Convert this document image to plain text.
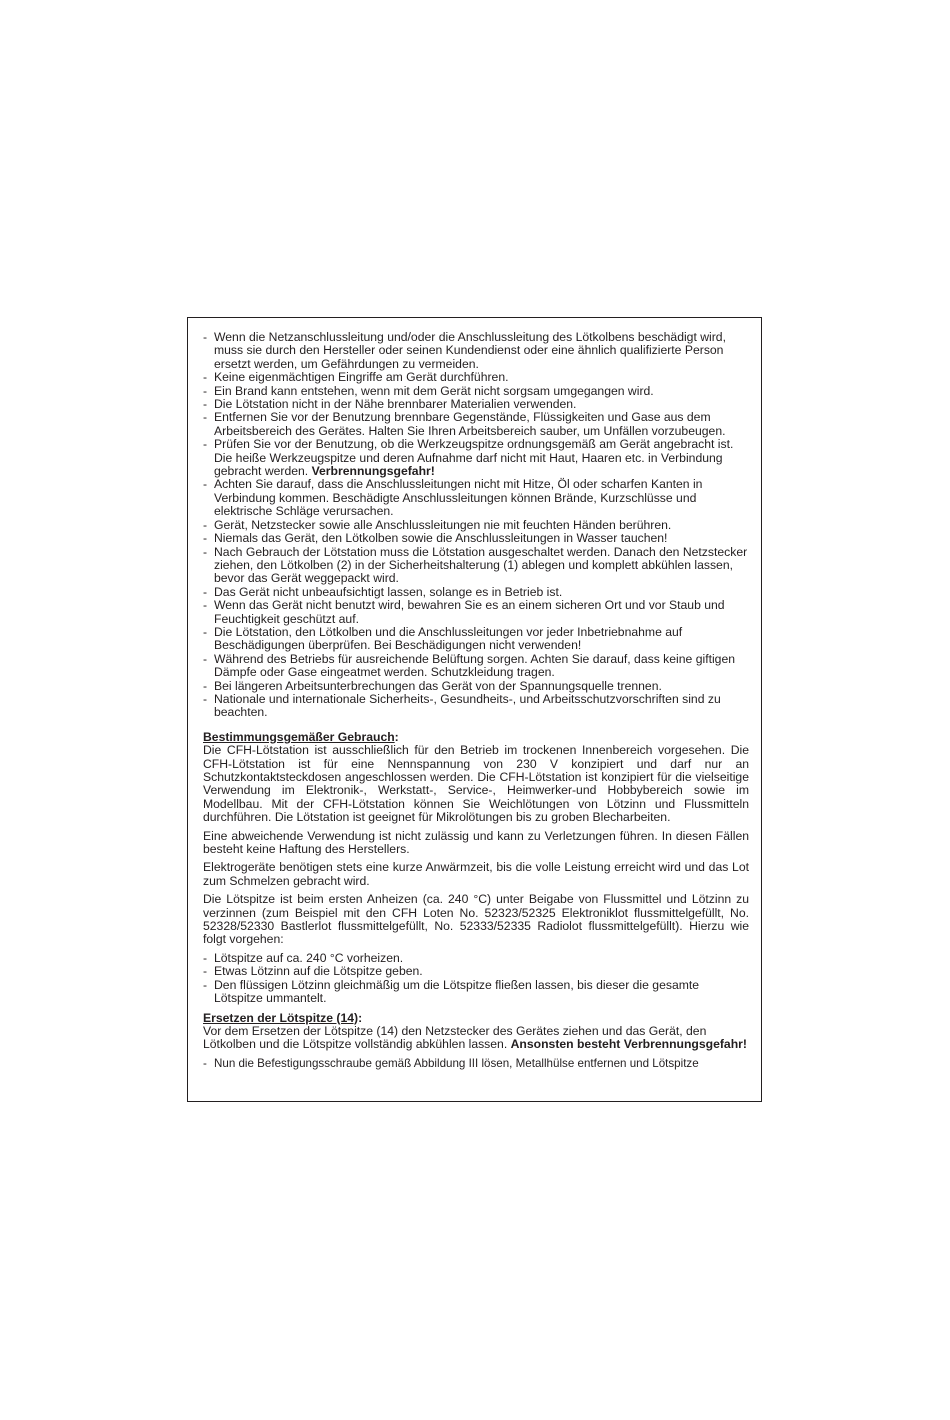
- Wenn die Netzanschlussleitung und/oder die Anschlussleitung des Lötkolbens beschädigt wird, muss sie durch den Hersteller oder seinen Kundendienst oder eine ähnlich qualifizierte Person ersetzt werden, um Gefährdungen zu vermeiden.
- Keine eigenmächtigen Eingriffe am Gerät durchführen.
- Ein Brand kann entstehen, wenn mit dem Gerät nicht sorgsam umgegangen wird.
- Die Lötstation nicht in der Nähe brennbarer Materialien verwenden.
- Entfernen Sie vor der Benutzung brennbare Gegenstände, Flüssigkeiten und Gase aus dem Arbeitsbereich des Gerätes. Halten Sie Ihren Arbeitsbereich sauber, um Unfällen vorzubeugen.
- Prüfen Sie vor der Benutzung, ob die Werkzeugspitze ordnungsgemäß am Gerät angebracht ist. Die heiße Werkzeugspitze und deren Aufnahme darf nicht mit Haut, Haaren etc. in Verbindung gebracht werden. Verbrennungsgefahr!
- Achten Sie darauf, dass die Anschlussleitungen nicht mit Hitze, Öl oder scharfen Kanten in Verbindung kommen. Beschädigte Anschlussleitungen können Brände, Kurzschlüsse und elektrische Schläge verursachen.
- Gerät, Netzstecker sowie alle Anschlussleitungen nie mit feuchten Händen berühren.
- Niemals das Gerät, den Lötkolben sowie die Anschlussleitungen in Wasser tauchen!
- Nach Gebrauch der Lötstation muss die Lötstation ausgeschaltet werden. Danach den Netzstecker ziehen, den Lötkolben (2) in der Sicherheitshalterung (1) ablegen und komplett abkühlen lassen, bevor das Gerät weggepackt wird.
- Das Gerät nicht unbeaufsichtigt lassen, solange es in Betrieb ist.
- Wenn das Gerät nicht benutzt wird, bewahren Sie es an einem sicheren Ort und vor Staub und Feuchtigkeit geschützt auf.
- Die Lötstation, den Lötkolben und die Anschlussleitungen vor jeder Inbetriebnahme auf Beschädigungen überprüfen. Bei Beschädigungen nicht verwenden!
- Während des Betriebs für ausreichende Belüftung sorgen. Achten Sie darauf, dass keine giftigen Dämpfe oder Gase eingeatmet werden. Schutzkleidung tragen.
- Bei längeren Arbeitsunterbrechungen das Gerät von der Spannungsquelle trennen.
- Nationale und internationale Sicherheits-, Gesundheits-, und Arbeitsschutzvorschriften sind zu beachten.
Bestimmungsgemäßer Gebrauch:

Die CFH-Lötstation ist ausschließlich für den Betrieb im trockenen Innenbereich vorgesehen. Die CFH-Lötstation ist für eine Nennspannung von 230 V konzipiert und darf nur an Schutzkontaktsteckdosen angeschlossen werden. Die CFH-Lötstation ist konzipiert für die vielseitige Verwendung im Elektronik-, Werkstatt-, Service-, Heimwerker-und Hobbybereich sowie im Modellbau. Mit der CFH-Lötstation können Sie Weichlötungen von Lötzinn und Flussmitteln durchführen. Die Lötstation ist geeignet für Mikrolötungen bis zu groben Blecharbeiten.

Eine abweichende Verwendung ist nicht zulässig und kann zu Verletzungen führen. In diesen Fällen besteht keine Haftung des Herstellers.

Elektrogeräte benötigen stets eine kurze Anwärmzeit, bis die volle Leistung erreicht wird und das Lot zum Schmelzen gebracht wird.

Die Lötspitze ist beim ersten Anheizen (ca. 240 °C) unter Beigabe von Flussmittel und Lötzinn zu verzinnen (zum Beispiel mit den CFH Loten No. 52323/52325 Elektroniklot flussmittelgefüllt, No. 52328/52330 Bastlerlot flussmittelgefüllt, No. 52333/52335 Radiolot flussmittelgefüllt). Hierzu wie folgt vorgehen:

- Lötspitze auf ca. 240 °C vorheizen.
- Etwas Lötzinn auf die Lötspitze geben.
- Den flüssigen Lötzinn gleichmäßig um die Lötspitze fließen lassen, bis dieser die gesamte Lötspitze ummantelt.
Ersetzen der Lötspitze (14):

Vor dem Ersetzen der Lötspitze (14) den Netzstecker des Gerätes ziehen und das Gerät, den Lötkolben und die Lötspitze vollständig abkühlen lassen. Ansonsten besteht Verbrennungsgefahr!

- Nun die Befestigungsschraube gemäß Abbildung III lösen, Metallhülse entfernen und Lötspitze
